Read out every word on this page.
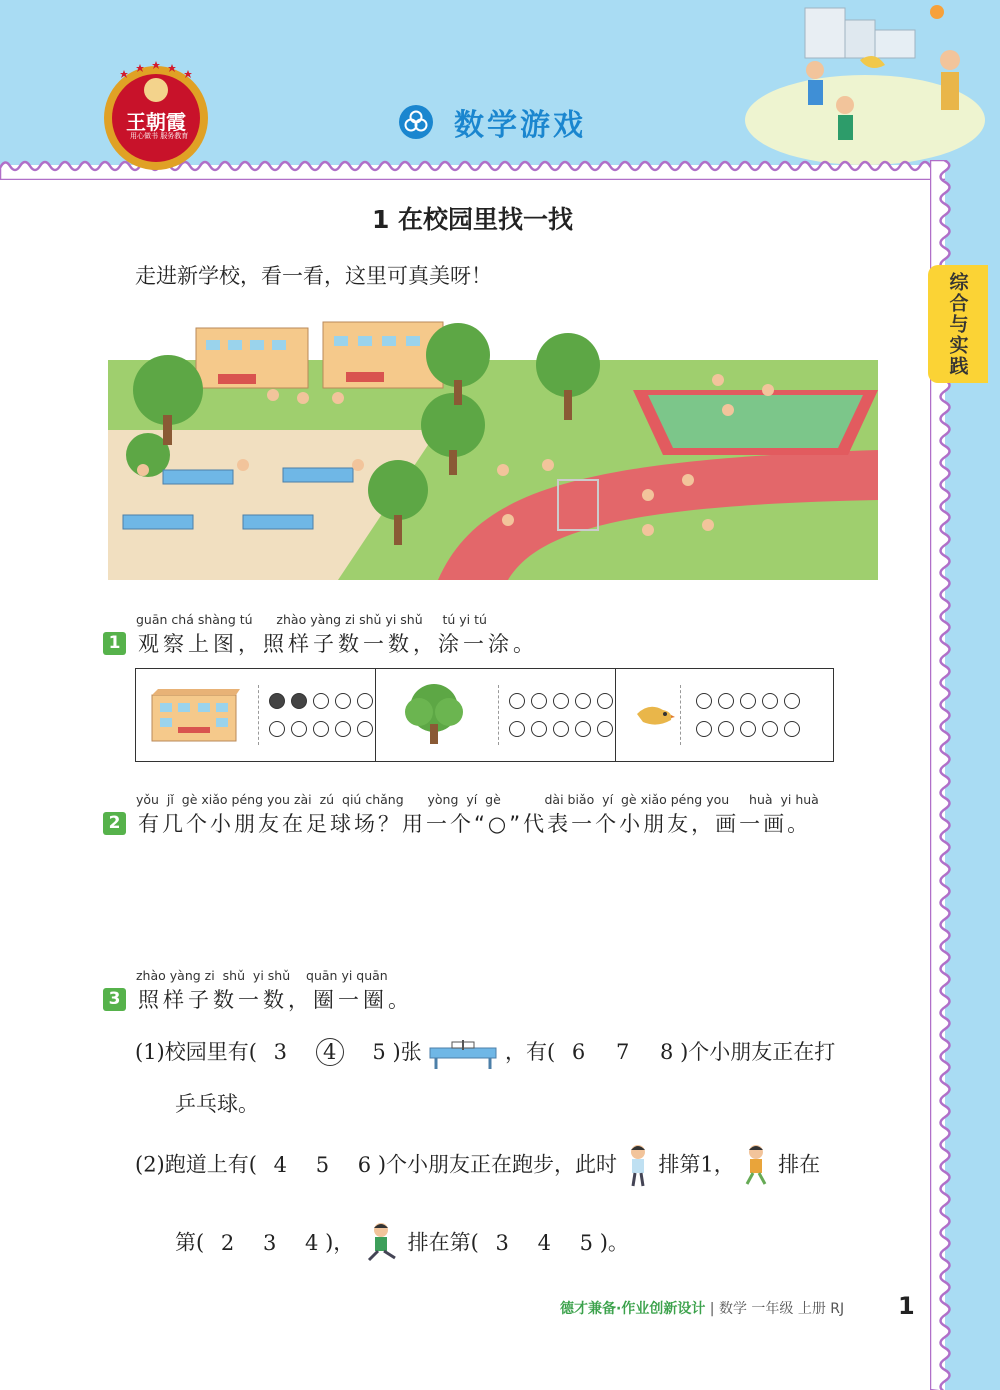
王朝霞
用心做书 服务教育	数学游戏
综合与实践
1 在校园里找一找
走进新学校，看一看，这里可真美呀！
guān chá shàng tú      zhào yàng zi shǔ yi shǔ     tú yi tú
1 观察上图，照样子数一数，涂一涂。
yǒu  jǐ  gè xiǎo péng you zài  zú  qiú chǎng      yòng  yí  gè           dài biǎo  yí  gè xiǎo péng you     huà  yi huà
2 有几个小朋友在足球场？用一个“○”代表一个小朋友，画一画。
zhào yàng zi  shǔ  yi shǔ    quān yi quān
3 照样子数一数，圈一圈。
(1)校园里有( 3 4 5 )张	，有( 6 7 8 )个小朋友正在打
乒乓球。
(2)跑道上有( 4 5 6 )个小朋友正在跑步，此时 排第1， 排在
第( 2 3 4 )，	排在第( 3 4 5 )。
德才兼备·作业创新设计 | 数学 一年级 上册 RJ 1
